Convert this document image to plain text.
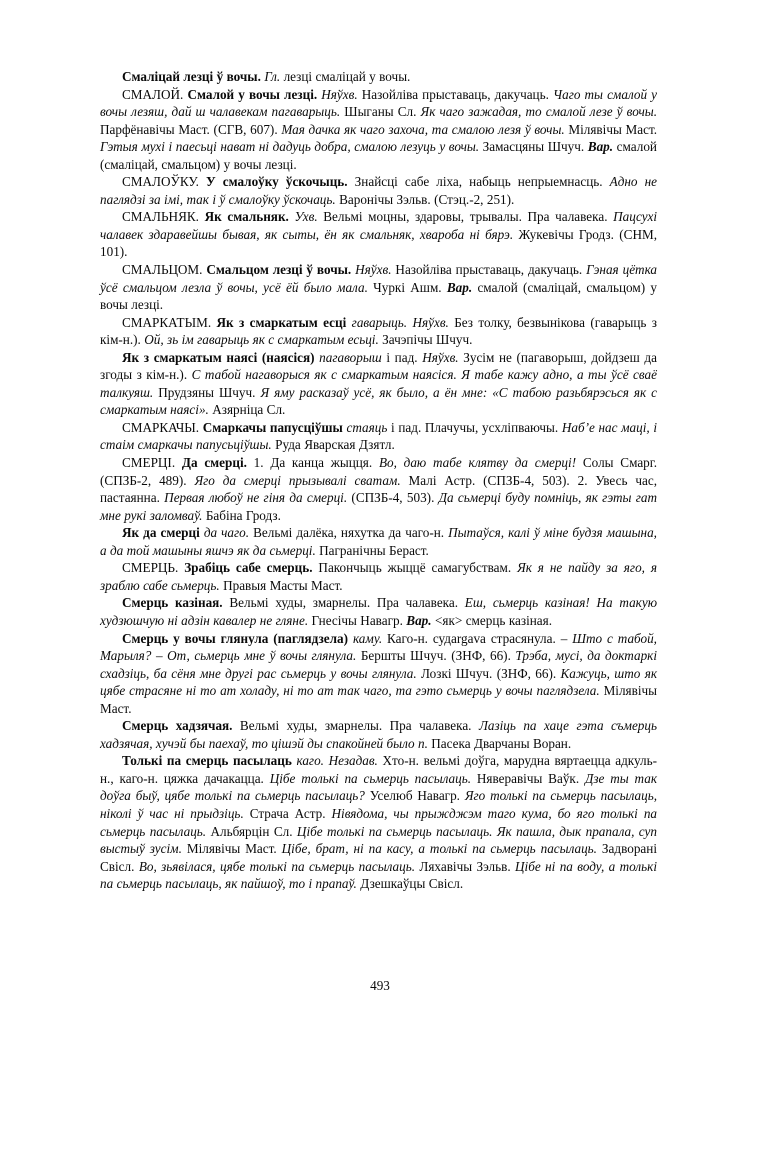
Смаліцай лезці ў вочы. Гл. лезці смаліцай у вочы.

СМАЛОЙ. Смалой у вочы лезці. Няўхв. Назойліва прыставаць, дакучаць. Чаго ты смалой у вочы лезяш, дай ш чалавекам пагаварыць. Шыганы Сл. Як чаго зажадая, то смалой лезе ў вочы. Парфёнавічы Маст. (СГВ, 607). Мая дачка як чаго захоча, та смалою лезя ў вочы. Мілявічы Маст. Гэтыя мухі і паесьці нават ні дадуць добра, смалою лезуць у вочы. Замасцяны Шчуч. Вар. смалой (смаліцай, смальцом) у вочы лезці.

СМАЛОЎКУ. У смалоўку ўскочыць. Знайсці сабе ліха, набыць непрыемнасць. Адно не паглядзі за імі, так і ў смалоўку ўскочаць. Варонічы Зэльв. (Стэц.-2, 251).

СМАЛЬНЯК. Як смальняк. Ухв. Вельмі моцны, здаровы, трывалы. Пра чалавека. Пацсухі чалавек здаравейшы бывая, як сыты, ён як смальняк, хвароба ні бярэ. Жукевічы Гродз. (СНМ, 101).

СМАЛЬЦОМ. Смальцом лезці ў вочы. Няўхв. Назойліва прыставаць, дакучаць. Гэная цётка ўсё смальцом лезла ў вочы, усё ёй было мала. Чуркі Ашм. Вар. смалой (смаліцай, смальцом) у вочы лезці.

СМАРКАТЫМ. Як з смаркатым есці гаварыць. Няўхв. Без толку, безвынікова (гаварыць з кім-н.). Ой, зь ім гаварыць як с смаркатым есьці. Зачэпічы Шчуч.

Як з смаркатым наясі (наясіся) пагаворыш і пад. Няўхв. Зусім не (пагаворыш, дойдзеш да згоды з кім-н.). С табой нагаворыся як с смаркатым наясіся. Я табе кажу адно, а ты ўсё сваё талкуяш. Прудзяны Шчуч. Я яму расказаў усё, як было, а ён мне: «С табою разьбярэсься як с смаркатым наясі». Азярніца Сл.

СМАРКАЧЫ. Смаркачы папусціўшы стаяць і пад. Плачучы, усхліпваючы. Наб’е нас маці, і стаім смаркачы папусьціўшы. Руда Яварская Дзятл.

СМЕРЦІ. Да смерці. 1. Да канца жыцця. Во, даю табе клятву да смерці! Солы Смарг. (СПЗБ-2, 489). Яго да смерці прызывалі сватам. Малі Астр. (СПЗБ-4, 503). 2. Увесь час, пастаянна. Первая любоў не гіня да смерці. (СПЗБ-4, 503). Да сьмерці буду помніць, як гэты гат мне рукі заломваў. Бабіна Гродз.

Як да смерці да чаго. Вельмі далёка, няхутка да чаго-н. Пытаўся, калі ў міне будзя машына, а да той машыны яшчэ як да сьмерці. Пагранічны Бераст.

СМЕРЦЬ. Зрабіць сабе смерць. Пакончыць жыццё самагубствам. Як я не пайду за яго, я зраблю сабе сьмерць. Правыя Масты Маст.

Смерць казіная. Вельмі худы, змарнелы. Пра чалавека. Еш, сьмерць казіная! На такую худзюшчую ні адзін кавалер не гляне. Гнесічы Навагр. Вар. <як> смерць казіная.

Смерць у вочы глянула (паглядзела) каму. Каго-н. судargava страсянула. – Што с табой, Марыля? – От, сьмерць мне ў вочы глянула. Бершты Шчуч. (ЗНФ, 66). Трэба, мусі, да доктаркі схадзіць, ба сёня мне другі рас сьмерць у вочы глянула. Лозкі Шчуч. (ЗНФ, 66). Кажуць, што як цябе страсяне ні то ат холаду, ні то ат так чаго, та гэто сьмерць у вочы паглядзела. Мілявічы Маст.

Смерць хадзячая. Вельмі худы, змарнелы. Пра чалавека. Лазіць па хаце гэта съмерць хадзячая, хучэй бы паехаў, то цішэй ды спакойней было п. Пасека Дварчаны Воран.

Толькі па смерць пасылаць каго. Незадав. Хто-н. вельмі доўга, марудна вяртаецца адкуль-н., каго-н. цяжка дачакацца. Цібе толькі па сьмерць пасылаць. Няверавічы Ваўк. Дзе ты так доўга быў, цябе толькі па сьмерць пасылаць? Уселюб Навагр. Яго толькі па сьмерць пасылаць, ніколі ў час ні прыдзіць. Страча Астр. Нівядома, чы прыжджэм таго кума, бо яго толькі па сьмерць пасылаць. Альбярцін Сл. Цібе толькі па сьмерць пасылаць. Як пашла, дык прапала, суп выстыў зусім. Мілявічы Маст. Цібе, брат, ні па касу, а толькі па сьмерць пасылаць. Задворані Свісл. Во, зьявілася, цябе толькі па сьмерць пасылаць. Ляхавічы Зэльв. Цібе ні па воду, а толькі па сьмерць пасылаць, як пайшоў, то і прапаў. Дзешкаўцы Свісл.

493
